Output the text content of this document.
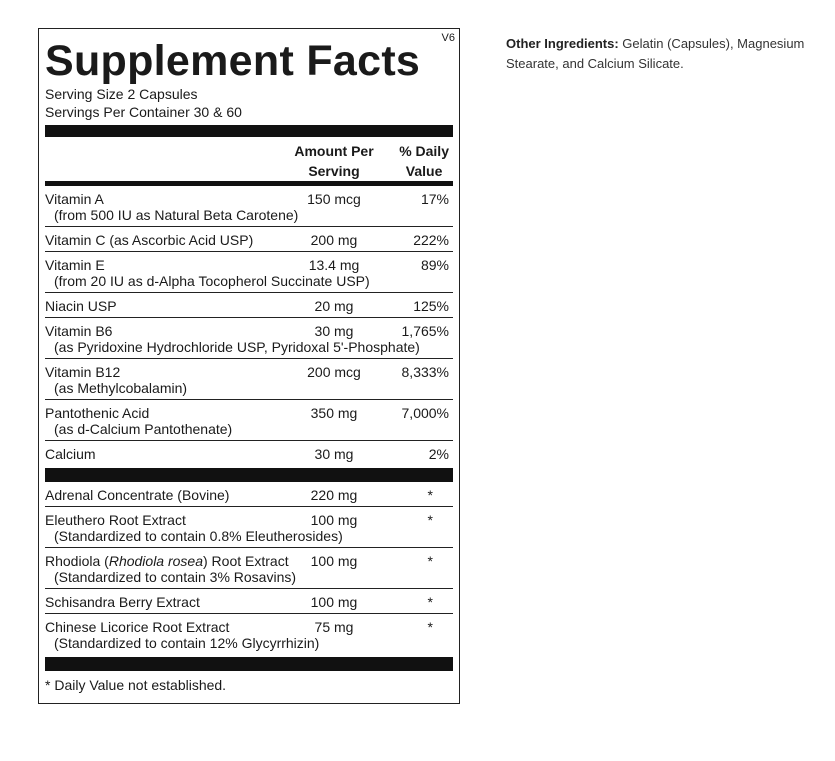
Supplement Facts	V6
Serving Size 2 Capsules
Servings Per Container 30 & 60
Amount Per
Serving
% Daily
Value
Vitamin A
(from 500 IU as Natural Beta Carotene)
150 mcg	17%
Vitamin C (as Ascorbic Acid USP)	200 mg	222%
Vitamin E
(from 20 IU as d-Alpha Tocopherol Succinate USP)
13.4 mg	89%
Niacin USP	20 mg	125%
Vitamin B6
(as Pyridoxine Hydrochloride USP, Pyridoxal 5'-Phosphate)
30 mg	1,765%
Vitamin B12
(as Methylcobalamin)
200 mcg	8,333%
Pantothenic Acid
(as d-Calcium Pantothenate)
350 mg	7,000%
Calcium	30 mg	2%
Adrenal Concentrate (Bovine)	220 mg	*
Eleuthero Root Extract
(Standardized to contain 0.8% Eleutherosides)
100 mg	*
Rhodiola (Rhodiola rosea) Root Extract
(Standardized to contain 3% Rosavins)
100 mg	*
Schisandra Berry Extract	100 mg	*
Chinese Licorice Root Extract
(Standardized to contain 12% Glycyrrhizin)
75 mg	*
* Daily Value not established.
Other Ingredients: Gelatin (Capsules), Magnesium Stearate, and Calcium Silicate.
